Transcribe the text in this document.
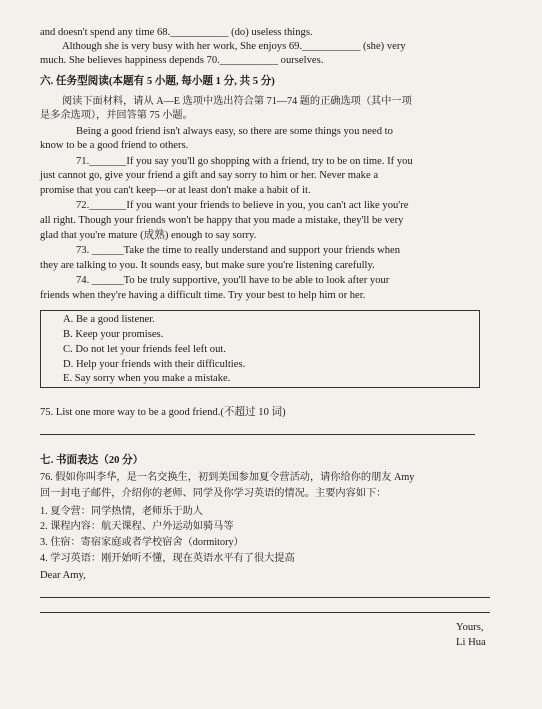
and doesn't spend any time 68.___________ (do) useless things.
Although she is very busy with her work, She enjoys 69.___________ (she) very
much. She believes happiness depends 70.___________ ourselves.
六. 任务型阅读(本题有 5 小题, 每小题 1 分, 共 5 分)
阅读下面材料，请从 A—E 选项中选出符合第 71—74 题的正确选项（其中一项
是多余选项），并回答第 75 小题。
Being a good friend isn't always easy, so there are some things you need to
know to be a good friend to others.
71._______If you say you'll go shopping with a friend, try to be on time. If you
just cannot go, give your friend a gift and say sorry to him or her. Never make a
promise that you can't keep—or at least don't make a habit of it.
72._______If you want your friends to believe in you, you can't act like you're
all right. Though your friends won't be happy that you made a mistake, they'll be very
glad that you're mature (成熟) enough to say sorry.
73. ______Take the time to really understand and support your friends when
they are talking to you. It sounds easy, but make sure you're listening carefully.
74. ______To be truly supportive, you'll have to be able to look after your
friends when they're having a difficult time. Try your best to help him or her.
A. Be a good listener.
B. Keep your promises.
C. Do not let your friends feel left out.
D. Help your friends with their difficulties.
E. Say sorry when you make a mistake.
75. List one more way to be a good friend.(不超过 10 词)
七. 书面表达（20 分）
76. 假如你叫李华，是一名交换生，初到美国参加夏令营活动，请你给你的朋友 Amy
回一封电子邮件，介绍你的老师、同学及你学习英语的情况。主要内容如下：
1. 夏令营：同学热情，老师乐于助人
2. 课程内容：航天课程、户外运动如骑马等
3. 住宿：寄宿家庭或者学校宿舍（dormitory）
4. 学习英语：刚开始听不懂，现在英语水平有了很大提高
Dear Amy,
Yours,
Li Hua
